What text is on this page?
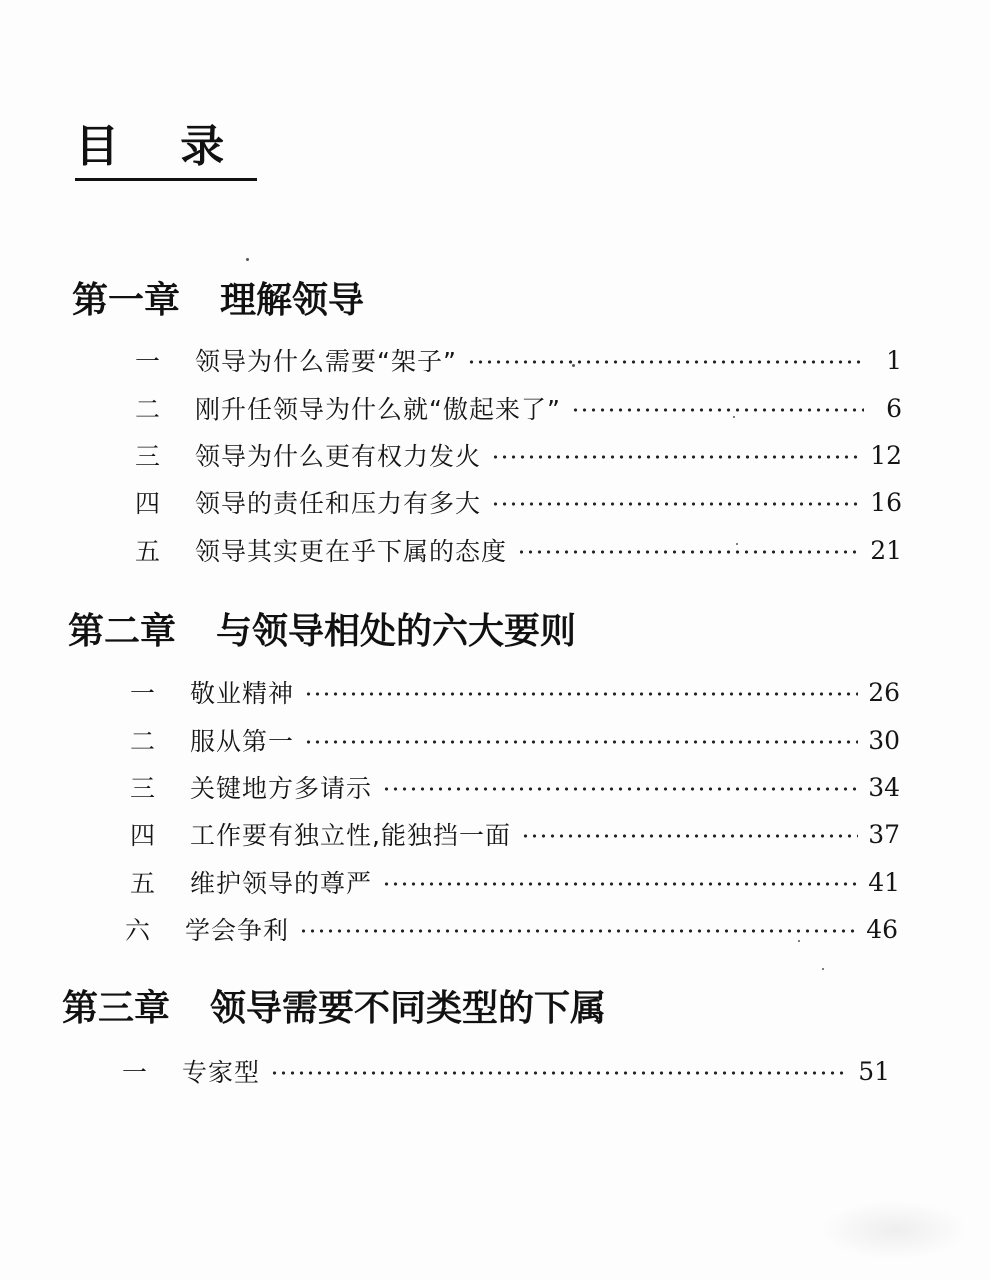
目    录
第一章 理解领导
一	领导为什么需要“架子”	1
二	刚升任领导为什么就“傲起来了”	6
三	领导为什么更有权力发火	12
四	领导的责任和压力有多大	16
五	领导其实更在乎下属的态度	21
第二章 与领导相处的六大要则
一	敬业精神	26
二	服从第一	30
三	关键地方多请示	34
四	工作要有独立性,能独挡一面	37
五	维护领导的尊严	41
六	学会争利	46
第三章 领导需要不同类型的下属
一	专家型	51
